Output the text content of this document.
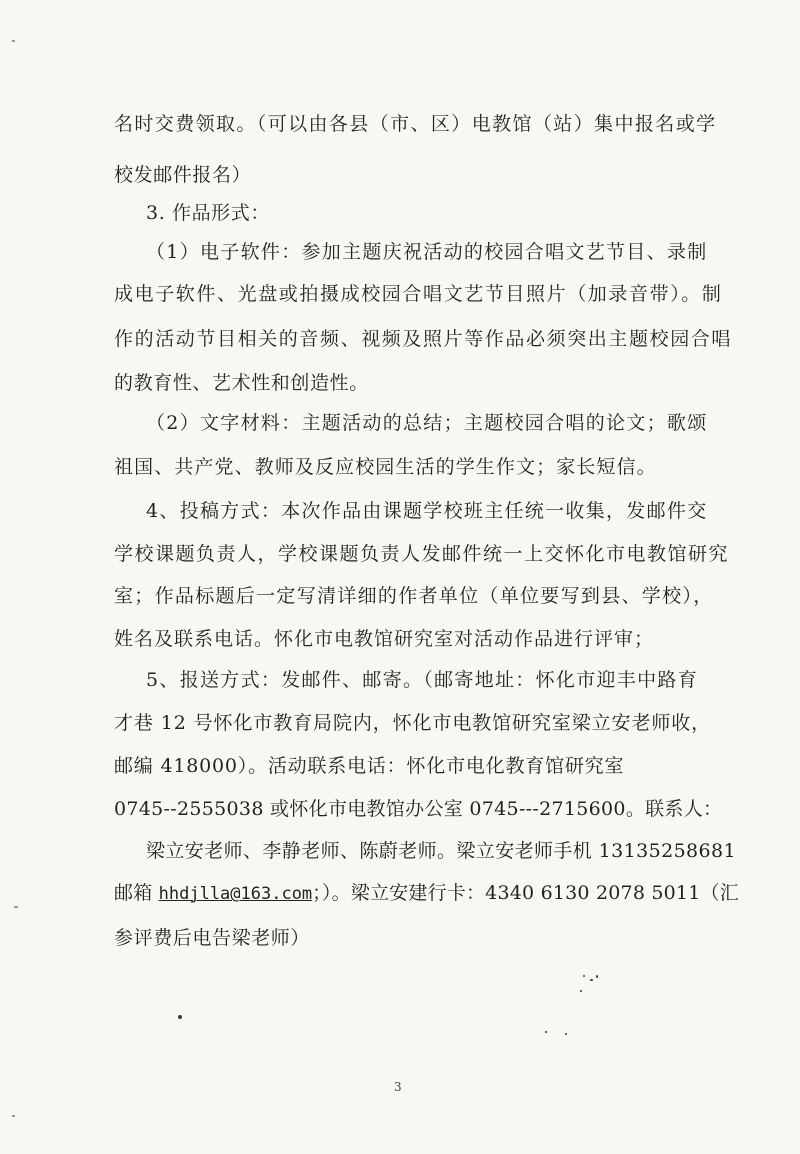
名时交费领取。（可以由各县（市、区）电教馆（站）集中报名或学
校发邮件报名）
3. 作品形式：
（1）电子软件：参加主题庆祝活动的校园合唱文艺节目、录制
成电子软件、光盘或拍摄成校园合唱文艺节目照片（加录音带）。制
作的活动节目相关的音频、视频及照片等作品必须突出主题校园合唱
的教育性、艺术性和创造性。
（2）文字材料：主题活动的总结；主题校园合唱的论文；歌颂
祖国、共产党、教师及反应校园生活的学生作文；家长短信。
4、投稿方式：本次作品由课题学校班主任统一收集，发邮件交
学校课题负责人，学校课题负责人发邮件统一上交怀化市电教馆研究
室；作品标题后一定写清详细的作者单位（单位要写到县、学校），
姓名及联系电话。怀化市电教馆研究室对活动作品进行评审；
5、报送方式：发邮件、邮寄。（邮寄地址：怀化市迎丰中路育
才巷 12 号怀化市教育局院内，怀化市电教馆研究室梁立安老师收，
邮编 418000）。活动联系电话：怀化市电化教育馆研究室
0745--2555038 或怀化市电教馆办公室 0745---2715600。联系人：
梁立安老师、李静老师、陈蔚老师。梁立安老师手机 13135258681
邮箱 hhdjlla@163.com；）。梁立安建行卡：4340 6130 2078 5011（汇
参评费后电告梁老师）
3
